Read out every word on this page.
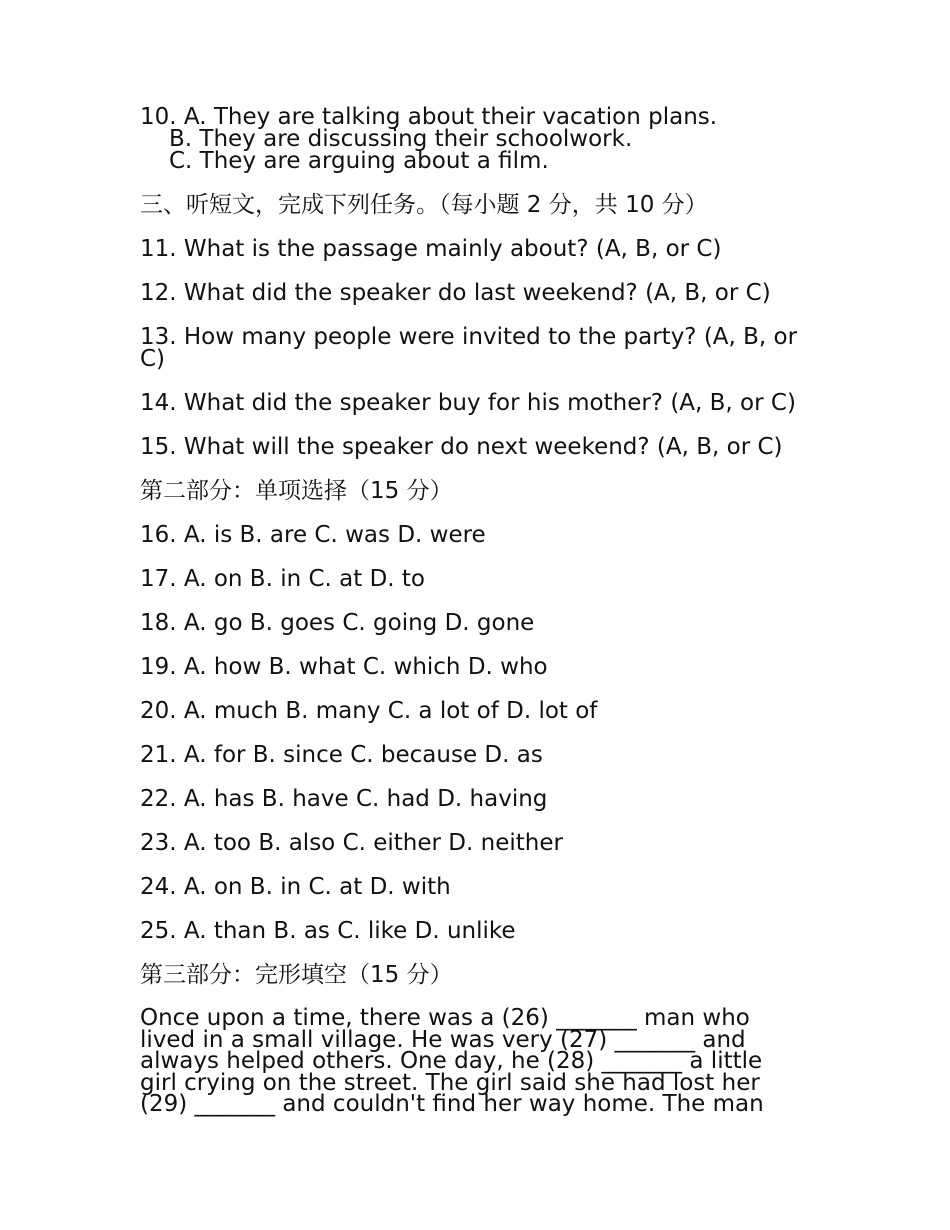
10. A. They are talking about their vacation plans.
B. They are discussing their schoolwork.
C. They are arguing about a film.
三、听短文，完成下列任务。（每小题 2 分，共 10 分）
11. What is the passage mainly about? (A, B, or C)
12. What did the speaker do last weekend? (A, B, or C)
13. How many people were invited to the party? (A, B, or C)
14. What did the speaker buy for his mother? (A, B, or C)
15. What will the speaker do next weekend? (A, B, or C)
第二部分：单项选择（15 分）
16. A. is B. are C. was D. were
17. A. on B. in C. at D. to
18. A. go B. goes C. going D. gone
19. A. how B. what C. which D. who
20. A. much B. many C. a lot of D. lot of
21. A. for B. since C. because D. as
22. A. has B. have C. had D. having
23. A. too B. also C. either D. neither
24. A. on B. in C. at D. with
25. A. than B. as C. like D. unlike
第三部分：完形填空（15 分）
Once upon a time, there was a (26) _______ man who lived in a small village. He was very (27) _______ and always helped others. One day, he (28) _______ a little girl crying on the street. The girl said she had lost her (29) _______ and couldn't find her way home. The man
